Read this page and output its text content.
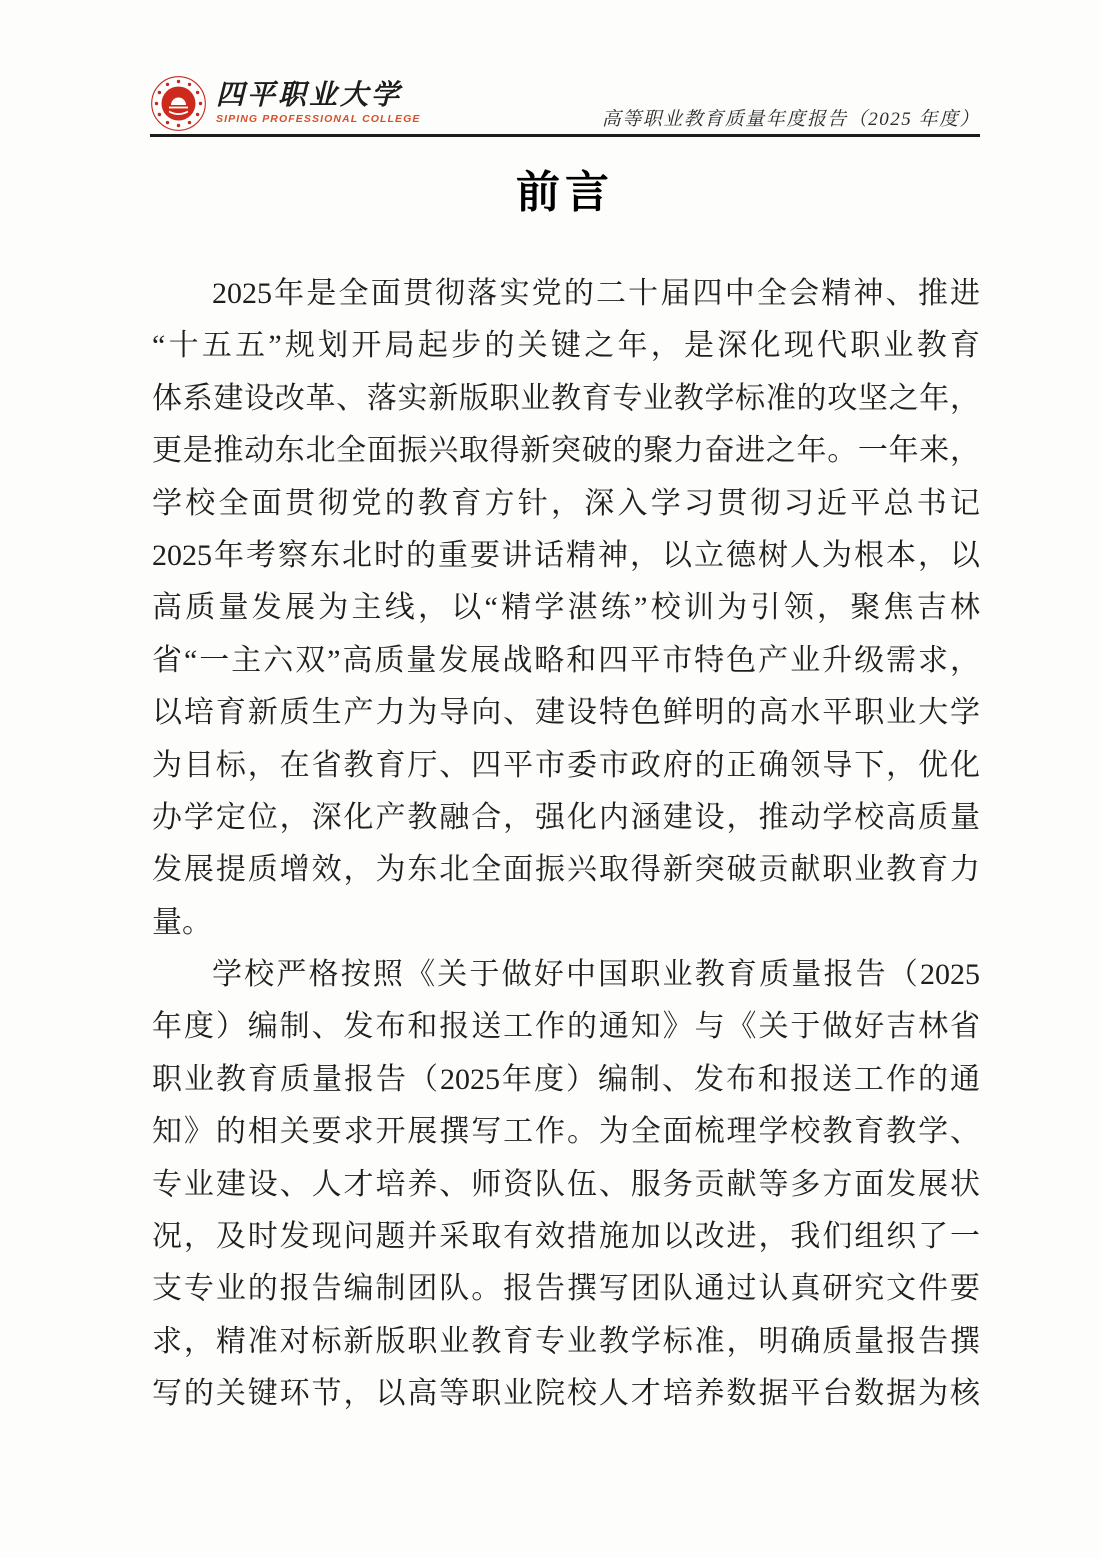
四平职业大学
SIPING PROFESSIONAL COLLEGE	高等职业教育质量年度报告（2025 年度）
前言
2025年是全面贯彻落实党的二十届四中全会精神、推进
“十五五”规划开局起步的关键之年，是深化现代职业教育
体系建设改革、落实新版职业教育专业教学标准的攻坚之年，
更是推动东北全面振兴取得新突破的聚力奋进之年。一年来，
学校全面贯彻党的教育方针，深入学习贯彻习近平总书记
2025年考察东北时的重要讲话精神，以立德树人为根本，以
高质量发展为主线，以“精学湛练”校训为引领，聚焦吉林
省“一主六双”高质量发展战略和四平市特色产业升级需求，
以培育新质生产力为导向、建设特色鲜明的高水平职业大学
为目标，在省教育厅、四平市委市政府的正确领导下，优化
办学定位，深化产教融合，强化内涵建设，推动学校高质量
发展提质增效，为东北全面振兴取得新突破贡献职业教育力
量。
学校严格按照《关于做好中国职业教育质量报告（2025
年度）编制、发布和报送工作的通知》与《关于做好吉林省
职业教育质量报告（2025年度）编制、发布和报送工作的通
知》的相关要求开展撰写工作。为全面梳理学校教育教学、
专业建设、人才培养、师资队伍、服务贡献等多方面发展状
况，及时发现问题并采取有效措施加以改进，我们组织了一
支专业的报告编制团队。报告撰写团队通过认真研究文件要
求，精准对标新版职业教育专业教学标准，明确质量报告撰
写的关键环节，以高等职业院校人才培养数据平台数据为核
